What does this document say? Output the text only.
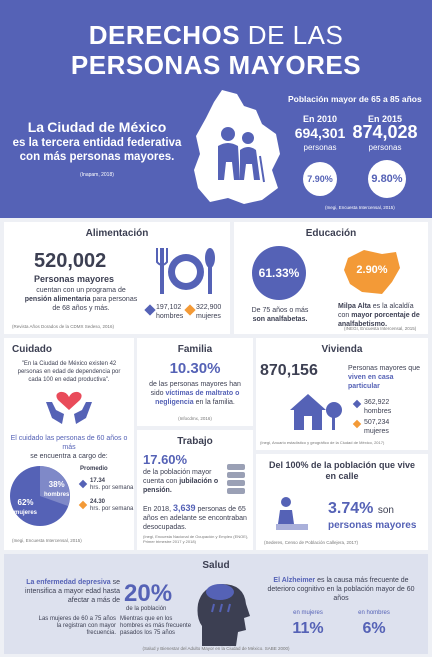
DERECHOS DE LAS
PERSONAS MAYORES
La Ciudad de México
es la tercera entidad federativa con más personas mayores.
(Inapam, 2018)
Población mayor de 65 a 85 años
En 2010
694,301
personas
7.90%
En 2015
874,028
personas
9.80%
(Inegi, Encuesta Intercensal, 2015)
Alimentación
520,002
Personas mayores
cuentan con un programa de pensión alimentaria para personas de 68 años y más.	197,102
hombres
322,900
mujeres
(Revista Años Dorados de la CDMX Sedeso, 2016)
Educación
61.33%
De 75 años o más
son analfabetas.
2.90%
Milpa Alta es la alcaldía con mayor porcentaje de analfabetismo.
(INEGI, Encuesta Intercensal, 2015)
Cuidado
"En la Ciudad de México existen 42 personas en edad de dependencia por cada 100 en edad productiva".
El cuidado las personas de 60 años o más
se encuentra a cargo de:
38%
hombres
62%
mujeres
Promedio
17.34
hrs. por semana
24.30
hrs. por semana
(Inegi, Encuesta Intercensal, 2015)
Familia
10.30%
de las personas mayores han sido víctimas de maltrato o negligencia en la familia.
(Infocdmx, 2016)
Trabajo
17.60%
de la población mayor cuenta con jubilación o pensión.
En 2018, 3,639 personas de 65 años en adelante se encontraban desocupadas.
(Inegi, Encuesta Nacional de Ocupación y Empleo (ENOE), Primer trimestre 2017 y 2018)
Vivienda
870,156	Personas mayores que viven en casa particular
362,922
hombres
507,234
mujeres
(Inegi, Anuario estadístico y geográfico de la Ciudad de México, 2017)
Del 100% de la población que vive en calle
3.74% son
personas mayores
(Sederes, Censo de Población Callejera, 2017)
Salud
La enfermedad depresiva se intensifica a mayor edad hasta afectar a más de 20%
de la población
Las mujeres de 60 a 75 años la registran con mayor frecuencia.
Mientras que en los hombres es más frecuente pasados los 75 años
El Alzheimer es la causa más frecuente de deterioro cognitivo en la población mayor de 60 años
en mujeres
11%
en hombres
6%
(Salud y Bienestar del Adulto Mayor en la Ciudad de México. SABE 2000)
